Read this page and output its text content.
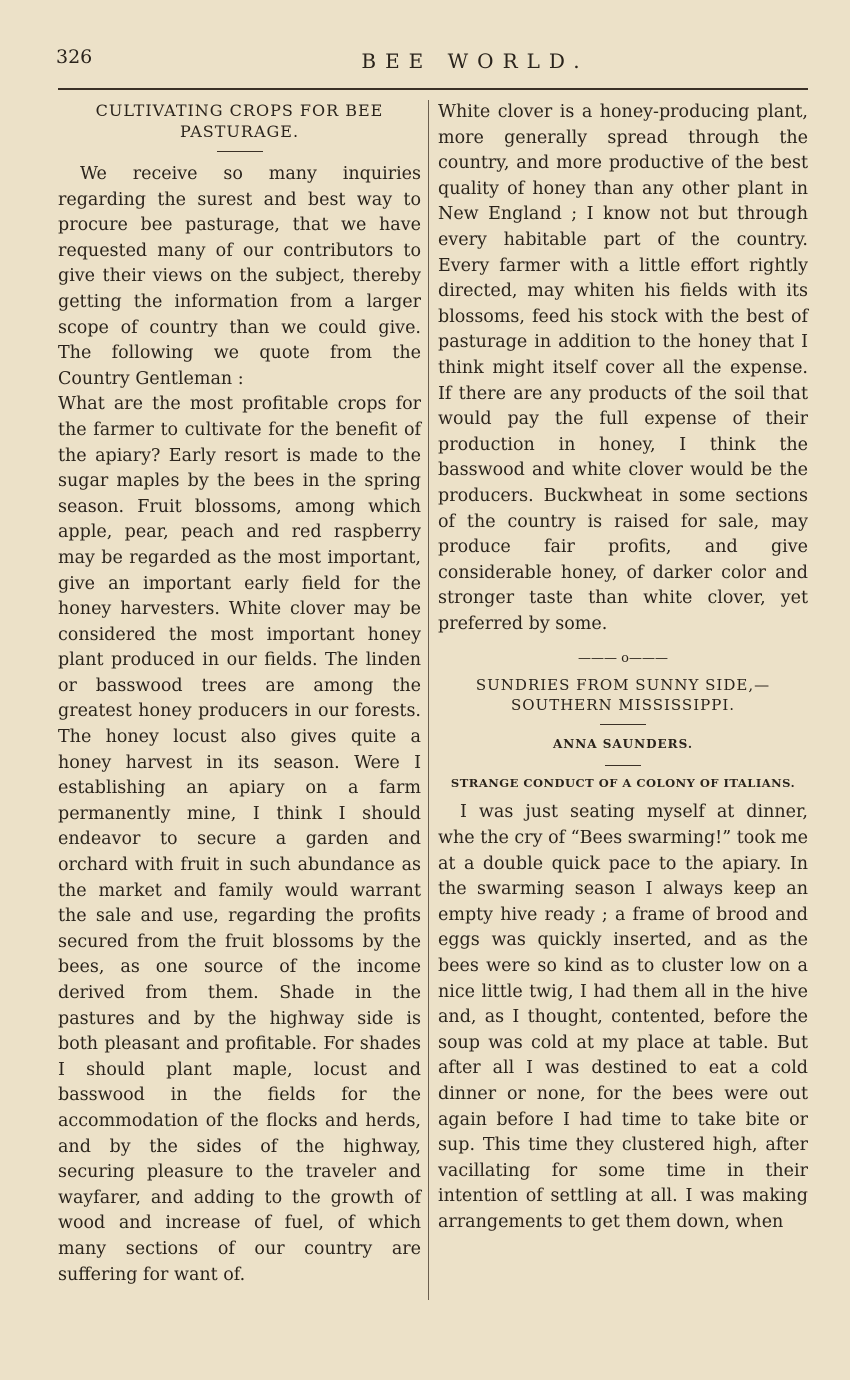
326	BEE WORLD.
CULTIVATING CROPS FOR BEE PASTURAGE.

We receive so many inquiries regarding the surest and best way to procure bee pasturage, that we have requested many of our contributors to give their views on the subject, thereby getting the information from a larger scope of country than we could give. The following we quote from the Country Gentleman :

What are the most profitable crops for the farmer to cultivate for the benefit of the apiary? Early resort is made to the sugar maples by the bees in the spring season. Fruit blossoms, among which apple, pear, peach and red raspberry may be regarded as the most important, give an important early field for the honey harvesters. White clover may be considered the most important honey plant produced in our fields. The linden or basswood trees are among the greatest honey producers in our forests. The honey locust also gives quite a honey harvest in its season. Were I establishing an apiary on a farm permanently mine, I think I should endeavor to secure a garden and orchard with fruit in such abundance as the market and family would warrant the sale and use, regarding the profits secured from the fruit blossoms by the bees, as one source of the income derived from them. Shade in the pastures and by the highway side is both pleasant and profitable. For shades I should plant maple, locust and basswood in the fields for the accommodation of the flocks and herds, and by the sides of the highway, securing pleasure to the traveler and wayfarer, and adding to the growth of wood and increase of fuel, of which many sections of our country are suffering for want of.

White clover is a honey-producing plant, more generally spread through the country, and more productive of the best quality of honey than any other plant in New England ; I know not but through every habitable part of the country. Every farmer with a little effort rightly directed, may whiten his fields with its blossoms, feed his stock with the best of pasturage in addition to the honey that I think might itself cover all the expense. If there are any products of the soil that would pay the full expense of their production in honey, I think the basswood and white clover would be the producers. Buckwheat in some sections of the country is raised for sale, may produce fair profits, and give considerable honey, of darker color and stronger taste than white clover, yet preferred by some.

——— o———
SUNDRIES FROM SUNNY SIDE,— SOUTHERN MISSISSIPPI.
ANNA SAUNDERS.
STRANGE CONDUCT OF A COLONY OF ITALIANS.

I was just seating myself at dinner, whe the cry of “Bees swarming!” took me at a double quick pace to the apiary. In the swarming season I always keep an empty hive ready ; a frame of brood and eggs was quickly inserted, and as the bees were so kind as to cluster low on a nice little twig, I had them all in the hive and, as I thought, contented, before the soup was cold at my place at table. But after all I was destined to eat a cold dinner or none, for the bees were out again before I had time to take bite or sup. This time they clustered high, after vacillating for some time in their intention of settling at all. I was making arrangements to get them down, when
